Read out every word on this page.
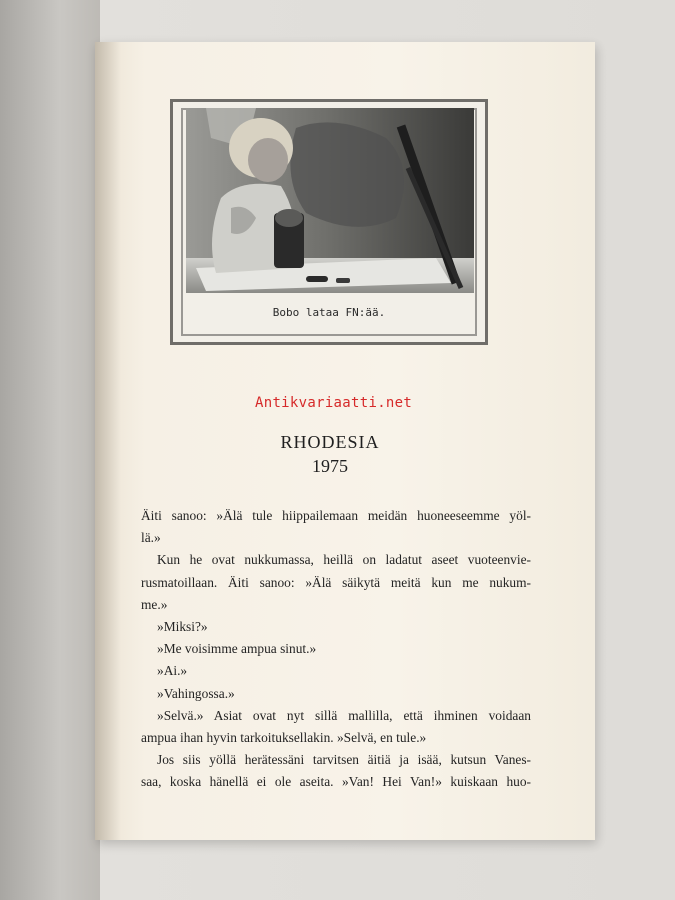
Bobo lataa FN:ää.
Antikvariaatti.net
RHODESIA
1975
Äiti sanoo: »Älä tule hiippailemaan meidän huoneeseemme yöl-
lä.»
Kun he ovat nukkumassa, heillä on ladatut aseet vuoteenvie-
rusmatoillaan. Äiti sanoo: »Älä säikytä meitä kun me nukum-
me.»
»Miksi?»
»Me voisimme ampua sinut.»
»Ai.»
»Vahingossa.»
»Selvä.» Asiat ovat nyt sillä mallilla, että ihminen voidaan
ampua ihan hyvin tarkoituksellakin. »Selvä, en tule.»
Jos siis yöllä herätessäni tarvitsen äitiä ja isää, kutsun Vanes-
saa, koska hänellä ei ole aseita. »Van! Hei Van!» kuiskaan huo-
